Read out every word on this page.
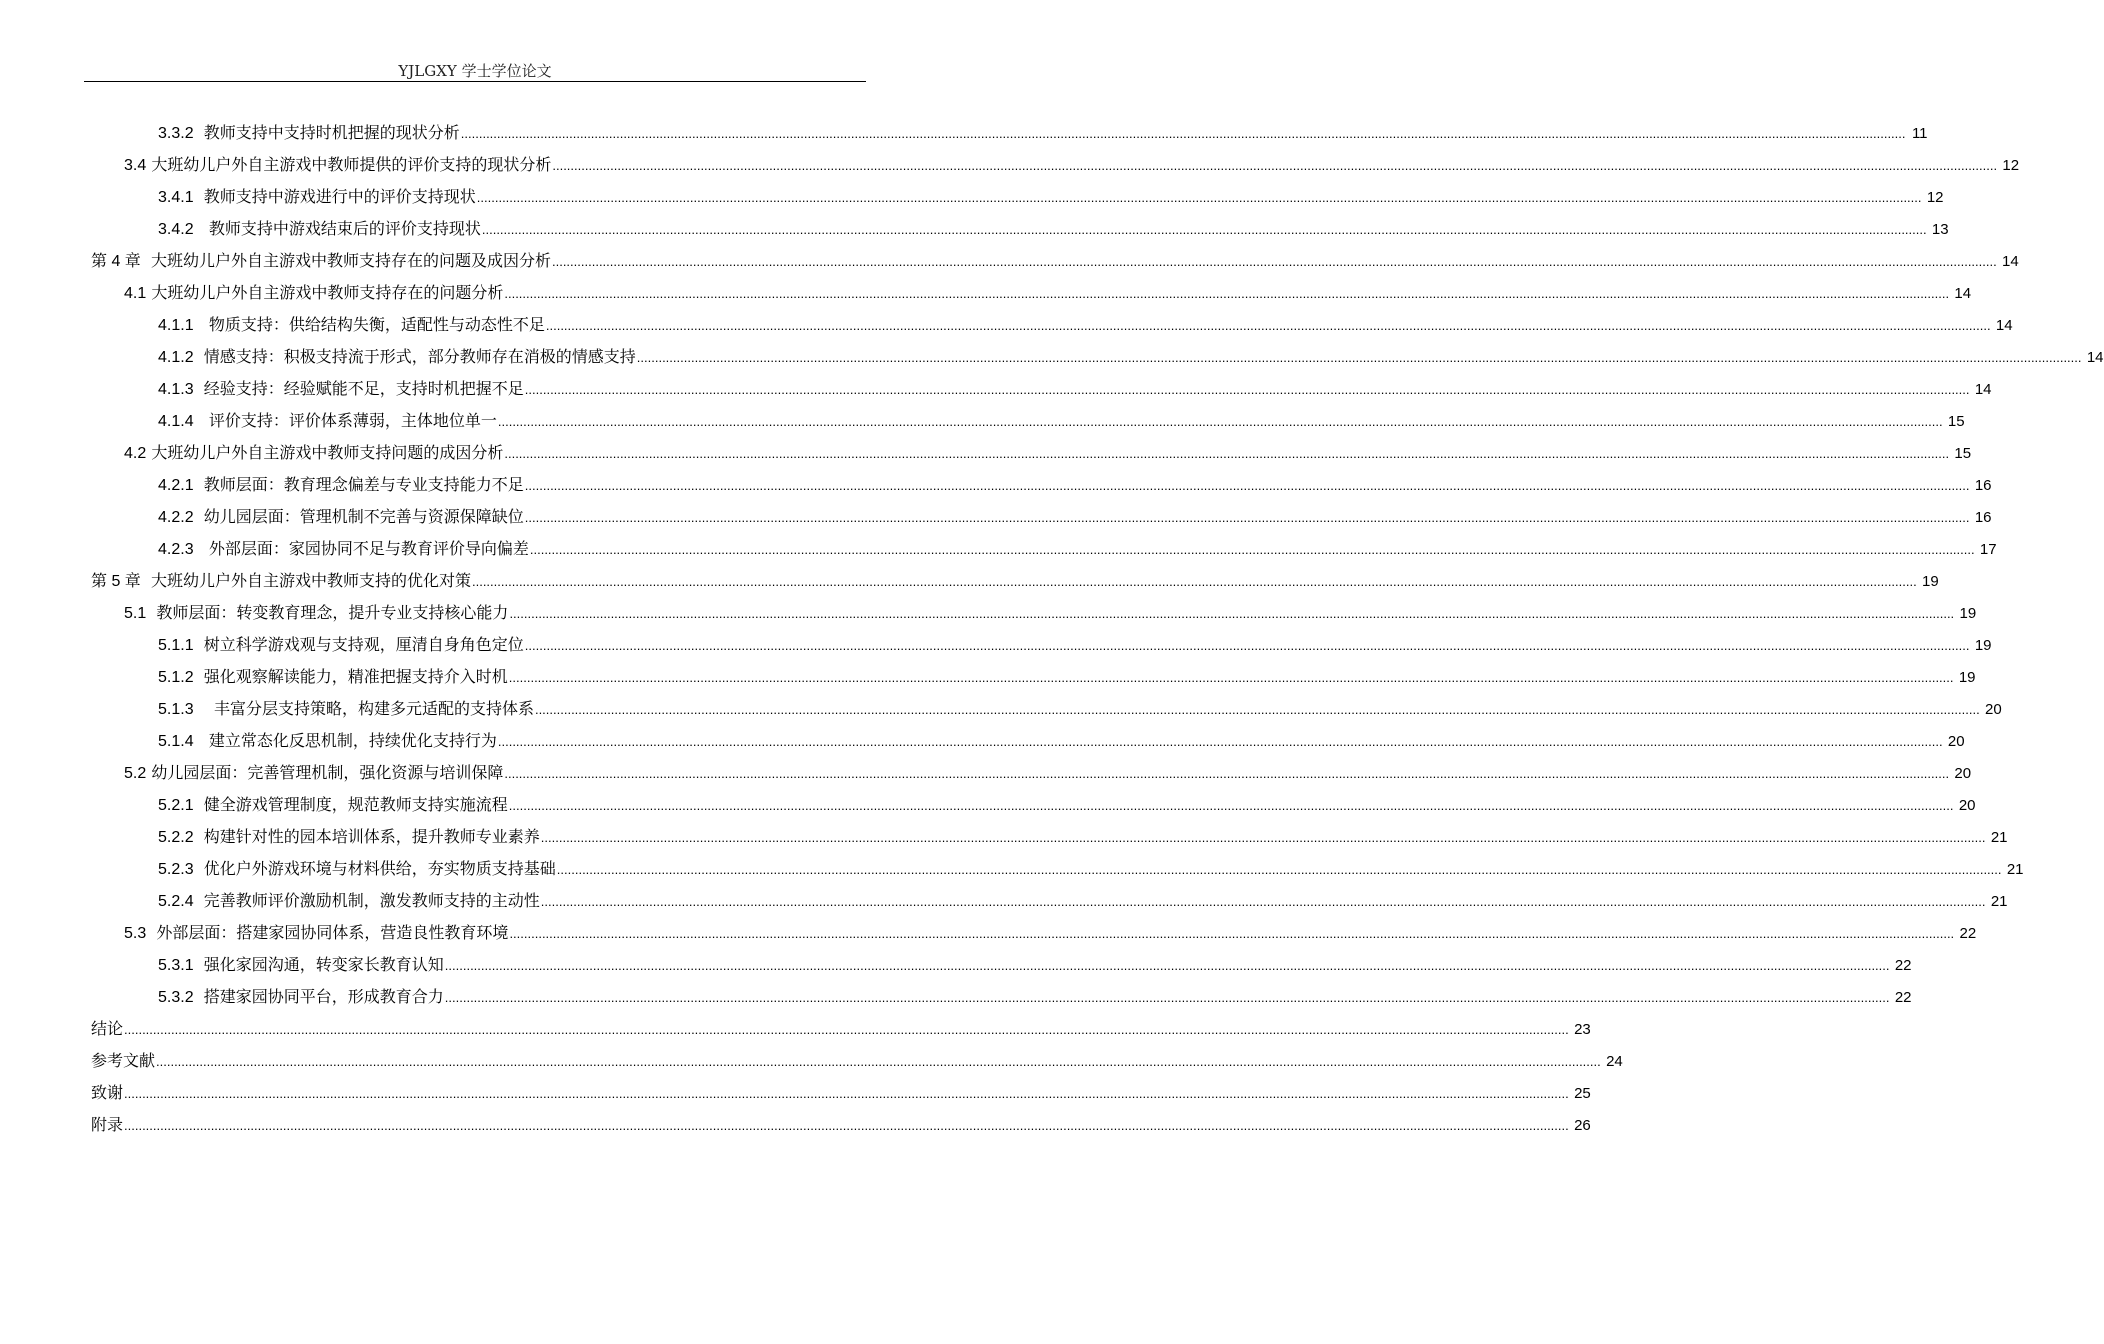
YJLGXY 学士学位论文
3.3.2 教师支持中支持时机把握的现状分析 ................................................................................................................................................................................................................................................................................................................................................................................................................ 11
3.4 大班幼儿户外自主游戏中教师提供的评价支持的现状分析 ................................................................................................................................................................................................................................................................................................................................................................................................................ 12
3.4.1 教师支持中游戏进行中的评价支持现状 ................................................................................................................................................................................................................................................................................................................................................................................................................ 12
3.4.2 教师支持中游戏结束后的评价支持现状 ................................................................................................................................................................................................................................................................................................................................................................................................................ 13
第 4 章 大班幼儿户外自主游戏中教师支持存在的问题及成因分析 ................................................................................................................................................................................................................................................................................................................................................................................................................ 14
4.1 大班幼儿户外自主游戏中教师支持存在的问题分析 ................................................................................................................................................................................................................................................................................................................................................................................................................ 14
4.1.1 物质支持：供给结构失衡，适配性与动态性不足 ................................................................................................................................................................................................................................................................................................................................................................................................................ 14
4.1.2 情感支持：积极支持流于形式，部分教师存在消极的情感支持 ................................................................................................................................................................................................................................................................................................................................................................................................................ 14
4.1.3 经验支持：经验赋能不足，支持时机把握不足 ................................................................................................................................................................................................................................................................................................................................................................................................................ 14
4.1.4 评价支持：评价体系薄弱，主体地位单一 ................................................................................................................................................................................................................................................................................................................................................................................................................ 15
4.2 大班幼儿户外自主游戏中教师支持问题的成因分析 ................................................................................................................................................................................................................................................................................................................................................................................................................ 15
4.2.1 教师层面：教育理念偏差与专业支持能力不足 ................................................................................................................................................................................................................................................................................................................................................................................................................ 16
4.2.2 幼儿园层面：管理机制不完善与资源保障缺位 ................................................................................................................................................................................................................................................................................................................................................................................................................ 16
4.2.3 外部层面：家园协同不足与教育评价导向偏差 ................................................................................................................................................................................................................................................................................................................................................................................................................ 17
第 5 章 大班幼儿户外自主游戏中教师支持的优化对策 ................................................................................................................................................................................................................................................................................................................................................................................................................ 19
5.1 教师层面：转变教育理念，提升专业支持核心能力 ................................................................................................................................................................................................................................................................................................................................................................................................................ 19
5.1.1 树立科学游戏观与支持观，厘清自身角色定位 ................................................................................................................................................................................................................................................................................................................................................................................................................ 19
5.1.2 强化观察解读能力，精准把握支持介入时机 ................................................................................................................................................................................................................................................................................................................................................................................................................ 19
5.1.3 丰富分层支持策略，构建多元适配的支持体系 ................................................................................................................................................................................................................................................................................................................................................................................................................ 20
5.1.4 建立常态化反思机制，持续优化支持行为 ................................................................................................................................................................................................................................................................................................................................................................................................................ 20
5.2 幼儿园层面：完善管理机制，强化资源与培训保障 ................................................................................................................................................................................................................................................................................................................................................................................................................ 20
5.2.1 健全游戏管理制度，规范教师支持实施流程 ................................................................................................................................................................................................................................................................................................................................................................................................................ 20
5.2.2 构建针对性的园本培训体系，提升教师专业素养 ................................................................................................................................................................................................................................................................................................................................................................................................................ 21
5.2.3 优化户外游戏环境与材料供给，夯实物质支持基础 ................................................................................................................................................................................................................................................................................................................................................................................................................ 21
5.2.4 完善教师评价激励机制，激发教师支持的主动性 ................................................................................................................................................................................................................................................................................................................................................................................................................ 21
5.3 外部层面：搭建家园协同体系，营造良性教育环境 ................................................................................................................................................................................................................................................................................................................................................................................................................ 22
5.3.1 强化家园沟通，转变家长教育认知 ................................................................................................................................................................................................................................................................................................................................................................................................................ 22
5.3.2 搭建家园协同平台，形成教育合力 ................................................................................................................................................................................................................................................................................................................................................................................................................ 22
结论 ................................................................................................................................................................................................................................................................................................................................................................................................................ 23
参考文献 ................................................................................................................................................................................................................................................................................................................................................................................................................ 24
致谢 ................................................................................................................................................................................................................................................................................................................................................................................................................ 25
附录 ................................................................................................................................................................................................................................................................................................................................................................................................................ 26
